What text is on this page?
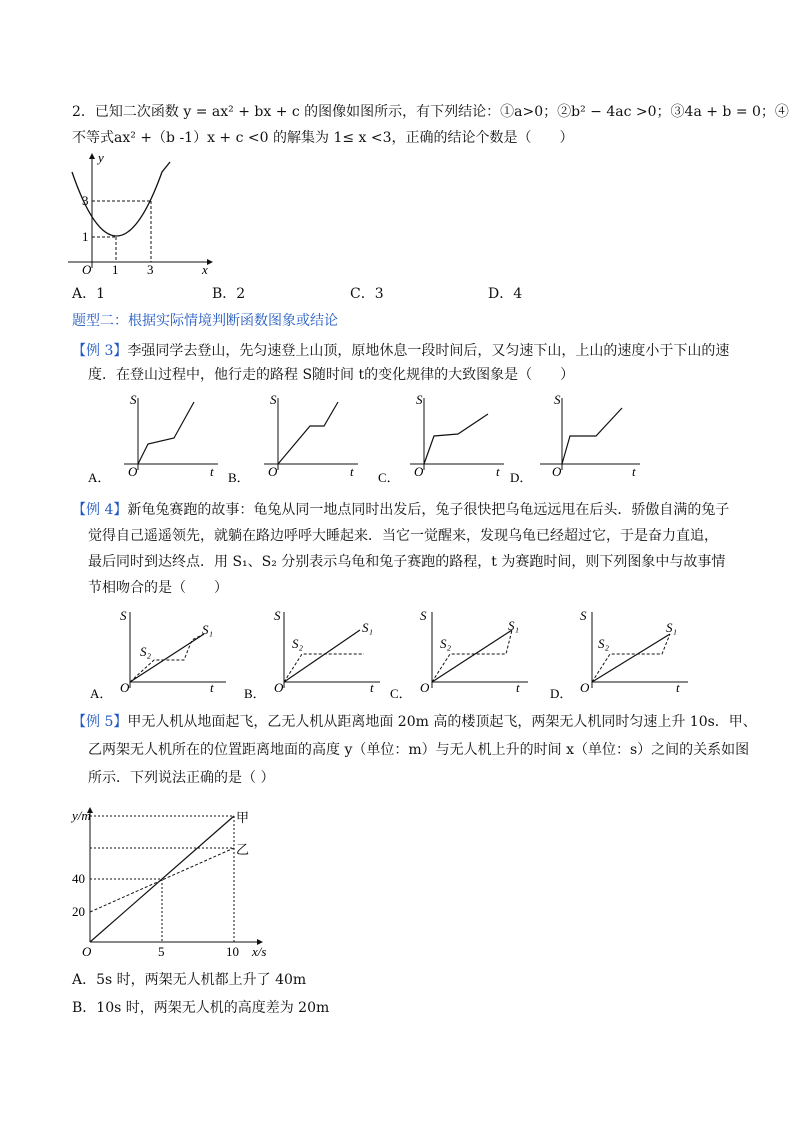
2．已知二次函数 y = ax² + bx + c 的图像如图所示，有下列结论：①a>0；②b² − 4ac >0；③4a + b = 0；④
不等式ax² +（b -1）x + c <0 的解集为 1≤ x <3，正确的结论个数是（　　）
y
x
O 1 3
1
3
A．1	B．2	C．3	D．4
题型二：根据实际情境判断函数图象或结论
【例 3】李强同学去登山，先匀速登上山顶，原地休息一段时间后，又匀速下山，上山的速度小于下山的速
度．在登山过程中，他行走的路程 S随时间 t的变化规律的大致图象是（　　）
S
t
O
A．
S
t
O
B．
S
t
O
C．
S
t
O
D．
【例 4】新龟兔赛跑的故事：龟兔从同一地点同时出发后，兔子很快把乌龟远远甩在后头．骄傲自满的兔子
觉得自己遥遥领先，就躺在路边呼呼大睡起来．当它一觉醒来，发现乌龟已经超过它，于是奋力直追，
最后同时到达终点．用 S₁、S₂ 分别表示乌龟和兔子赛跑的路程，t 为赛跑时间，则下列图象中与故事情
节相吻合的是（　　）
S
t
O
S₂
S₁
A．
S
t
O
S₂
S₁
B．
S
t
O
S₂
S₁
C．
S
t
O
S₂
S₁
D．
【例 5】甲无人机从地面起飞，乙无人机从距离地面 20m 高的楼顶起飞，两架无人机同时匀速上升 10s．甲、
乙两架无人机所在的位置距离地面的高度 y（单位：m）与无人机上升的时间 x（单位：s）之间的关系如图
所示．下列说法正确的是（ ）
y/m
x/s
O	5	10
20
40
甲
乙
A．5s 时，两架无人机都上升了 40m
B．10s 时，两架无人机的高度差为 20m
